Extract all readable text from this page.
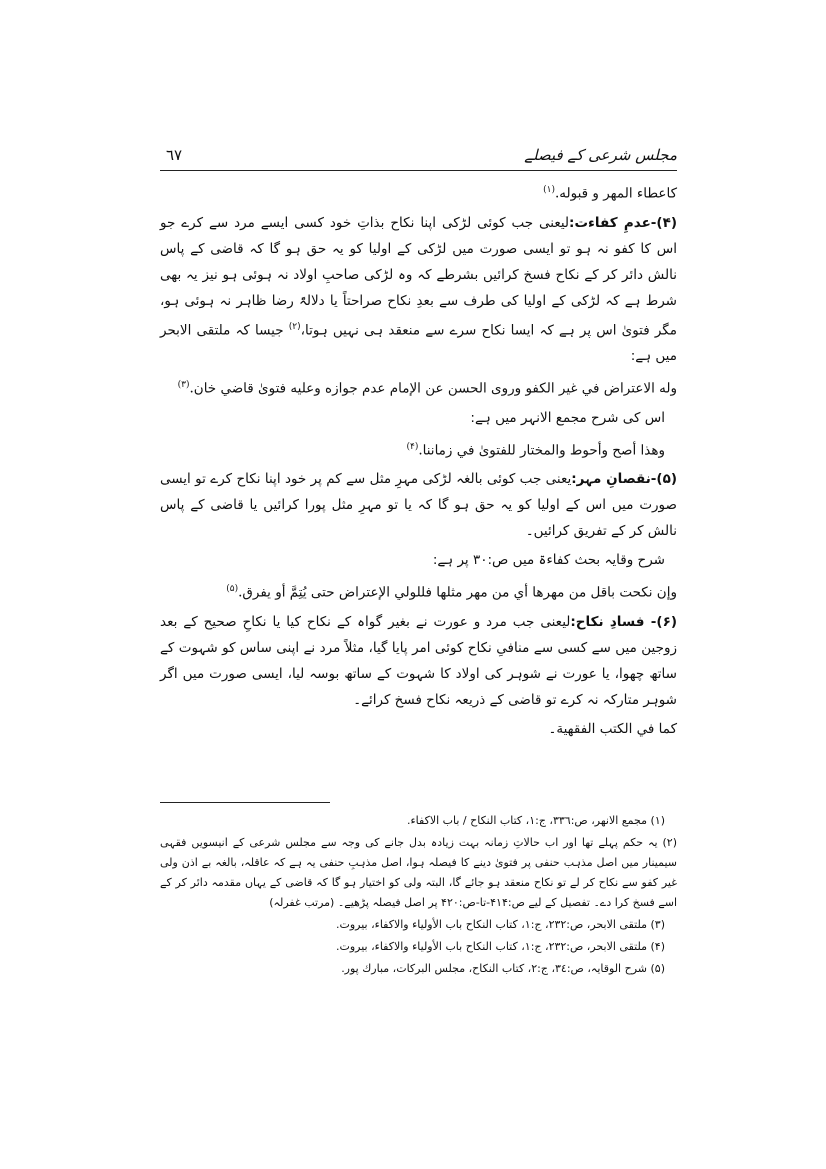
مجلس شرعی کے فیصلے
٦٧
کاعطاء المهر و قبوله.$^{(۱)}$
(۴)-عدمِ کفاءت:لیعنی جب کوئی لڑکی اپنا نکاح بذاتِ خود کسی ایسے مرد سے کرے جو اس کا کفو نہ ہو تو ایسی صورت میں لڑکی کے اولیا کو یہ حق ہو گا کہ قاضی کے پاس نالش دائر کر کے نکاح فسخ کرائیں بشرطے کہ وہ لڑکی صاحبِ اولاد نہ ہوئی ہو نیز یہ بھی شرط ہے کہ لڑکی کے اولیا کی طرف سے بعدِ نکاح صراحتاً یا دلالۃً رضا ظاہر نہ ہوئی ہو، مگر فتویٰ اس پر ہے کہ ایسا نکاح سرے سے منعقد ہی نہیں ہوتا،$^{(۲)}$ جیسا کہ ملتقی الابحر میں ہے:
وله الاعتراض في غير الكفو وروى الحسن عن الإمام عدم جوازه وعليه فتوىٰ قاضي خان.$^{(۳)}$
اس کی شرح مجمع الانہر میں ہے:
وهذا أصح وأحوط والمختار للفتوىٰ في زماننا.$^{(۴)}$
(۵)-نقصانِ مہر:یعنی جب کوئی بالغہ لڑکی مہرِ مثل سے کم پر خود اپنا نکاح کرے تو ایسی صورت میں اس کے اولیا کو یہ حق ہو گا کہ یا تو مہرِ مثل پورا کرائیں یا قاضی کے پاس نالش کر کے تفریق کرائیں۔
شرح وقایہ بحث کفاءۃ میں ص:۳۰ پر ہے:
وإن نكحت باقل من مهرها أي من مهر مثلها فللولي الإعتراض حتى يُتِمَّ أو يفرق.$^{(۵)}$
(۶)- فسادِ نکاح:لیعنی جب مرد و عورت نے بغیر گواہ کے نکاح کیا یا نکاحِ صحیح کے بعد زوجین میں سے کسی سے منافیِ نکاح کوئی امر پایا گیا، مثلاً مرد نے اپنی ساس کو شہوت کے ساتھ چھوا، یا عورت نے شوہر کی اولاد کا شہوت کے ساتھ بوسہ لیا، ایسی صورت میں اگر شوہر متارکہ نہ کرے تو قاضی کے ذریعہ نکاح فسخ کرائے۔
كما في الكتب الفقهية۔
(۱) مجمع الانهر، ص:۳۳٦، ج:۱، کتاب النکاح / باب الاکفاء.
(۲) یہ حکم پہلے تھا اور اب حالاتِ زمانہ بہت زیادہ بدل جانے کی وجہ سے مجلس شرعی کے انیسویں فقہی سیمینار میں اصل مذہب حنفی پر فتویٰ دینے کا فیصلہ ہوا، اصل مذہبِ حنفی یہ ہے کہ عاقلہ، بالغہ بے اذن ولی غیر کفو سے نکاح کر لے تو نکاح منعقد ہو جائے گا، البتہ ولی کو اختیار ہو گا کہ قاضی کے یہاں مقدمہ دائر کر کے اسے فسخ کرا دے۔ تفصیل کے لیے ص:۴۱۴-تا-ص:۴۲۰ پر اصل فیصلہ پڑھیے۔ (مرتب غفرلہ)
(۳) ملتقى الابحر، ص:۲۳۲، ج:۱، کتاب النکاح باب الأولياء والاکفاء، بیروت.
(۴) ملتقى الابحر، ص:۲۳۲، ج:۱، کتاب النکاح باب الأولياء والاکفاء، بیروت.
(۵) شرح الوقایہ، ص:۳٤، ج:۲، کتاب النکاح، مجلس البرکات، مبارك پور.
